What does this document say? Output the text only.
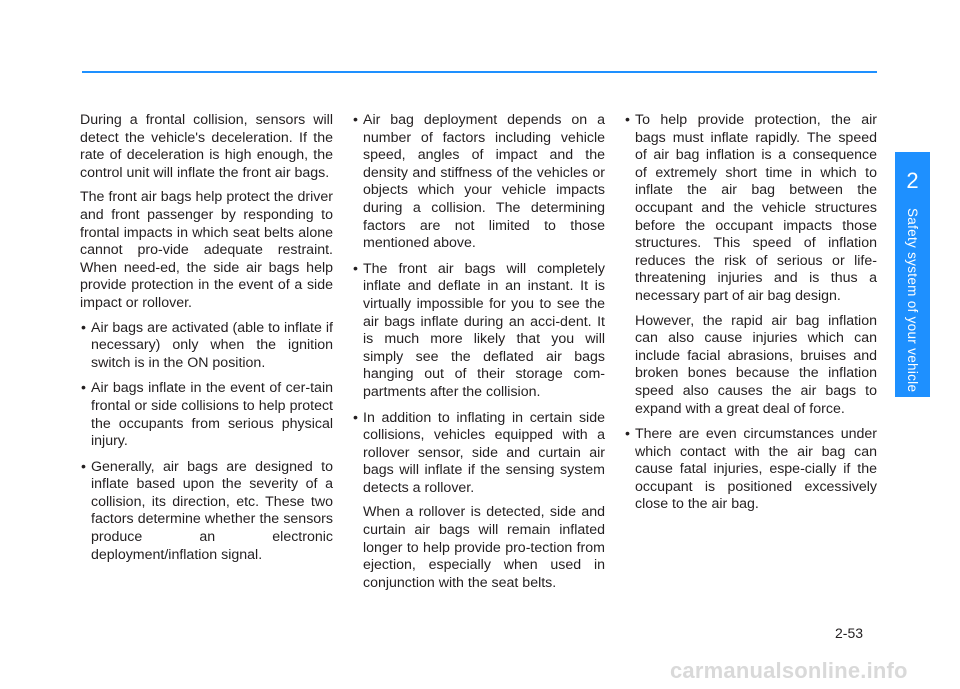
During a frontal collision, sensors will detect the vehicle's deceleration. If the rate of deceleration is high enough, the control unit will inflate the front air bags.

The front air bags help protect the driver and front passenger by responding to frontal impacts in which seat belts alone cannot pro-vide adequate restraint. When need-ed, the side air bags help provide protection in the event of a side impact or rollover.

• Air bags are activated (able to inflate if necessary) only when the ignition switch is in the ON position.

• Air bags inflate in the event of cer-tain frontal or side collisions to help protect the occupants from serious physical injury.

• Generally, air bags are designed to inflate based upon the severity of a collision, its direction, etc. These two factors determine whether the sensors produce an electronic deployment/inflation signal.

• Air bag deployment depends on a number of factors including vehicle speed, angles of impact and the density and stiffness of the vehicles or objects which your vehicle impacts during a collision. The determining factors are not limited to those mentioned above.

• The front air bags will completely inflate and deflate in an instant. It is virtually impossible for you to see the air bags inflate during an acci-dent. It is much more likely that you will simply see the deflated air bags hanging out of their storage com-partments after the collision.

• In addition to inflating in certain side collisions, vehicles equipped with a rollover sensor, side and curtain air bags will inflate if the sensing system detects a rollover.

When a rollover is detected, side and curtain air bags will remain inflated longer to help provide pro-tection from ejection, especially when used in conjunction with the seat belts.

• To help provide protection, the air bags must inflate rapidly. The speed of air bag inflation is a consequence of extremely short time in which to inflate the air bag between the occupant and the vehicle structures before the occupant impacts those structures. This speed of inflation reduces the risk of serious or life-threatening injuries and is thus a necessary part of air bag design.

However, the rapid air bag inflation can also cause injuries which can include facial abrasions, bruises and broken bones because the inflation speed also causes the air bags to expand with a great deal of force.

• There are even circumstances under which contact with the air bag can cause fatal injuries, espe-cially if the occupant is positioned excessively close to the air bag.

2
Safety system of your vehicle
2-53
carmanualsonline.info
